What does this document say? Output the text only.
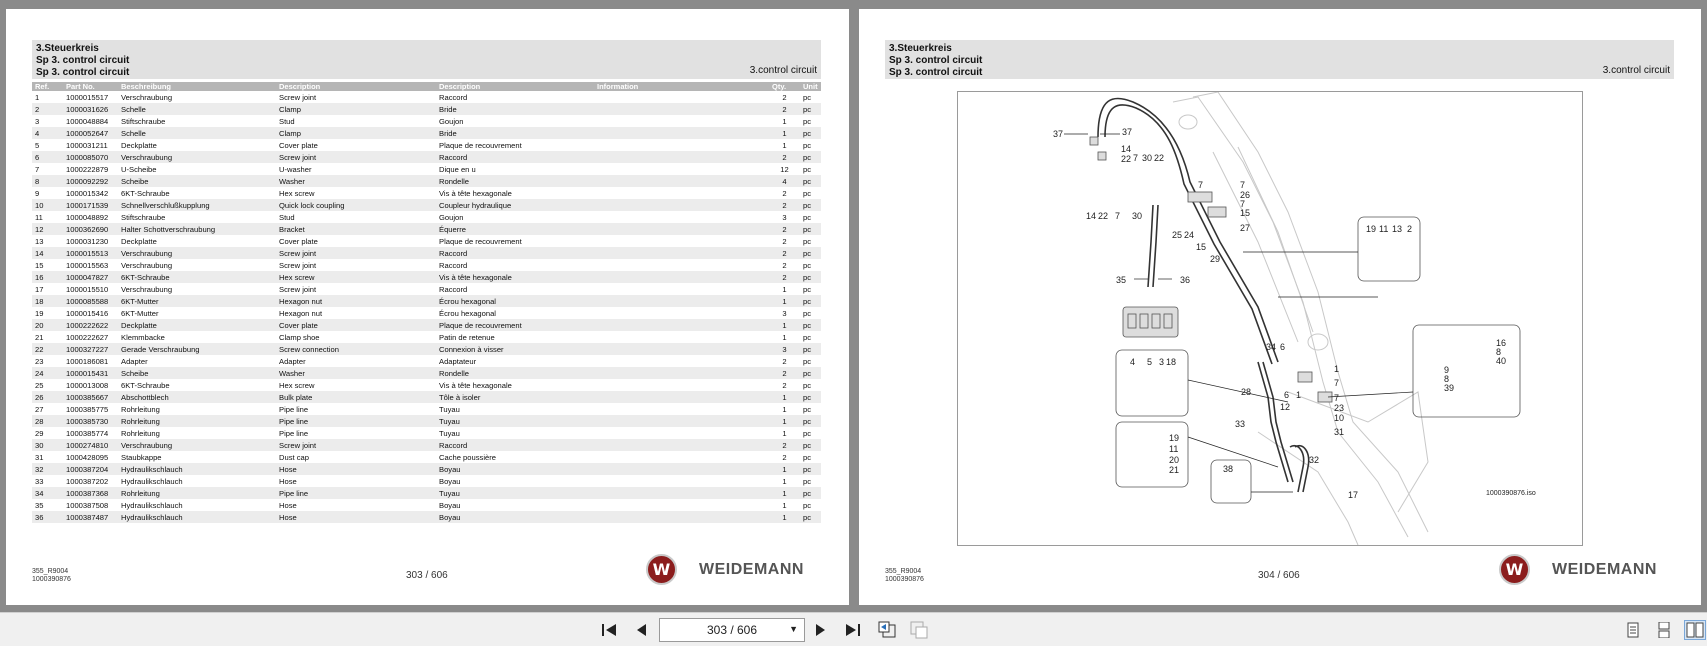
3.Steuerkreis
Sp 3. control circuit
Sp 3. control circuit	3.control circuit
Ref.	Part No.	Beschreibung	Description	Description	Information	Qty.	Unit
1	1000015517	Verschraubung	Screw joint	Raccord		2	pc
2	1000031626	Schelle	Clamp	Bride		2	pc
3	1000048884	Stiftschraube	Stud	Goujon		1	pc
4	1000052647	Schelle	Clamp	Bride		1	pc
5	1000031211	Deckplatte	Cover plate	Plaque de recouvrement		1	pc
6	1000085070	Verschraubung	Screw joint	Raccord		2	pc
7	1000222879	U-Scheibe	U-washer	Dique en u		12	pc
8	1000092292	Scheibe	Washer	Rondelle		4	pc
9	1000015342	6KT-Schraube	Hex screw	Vis à tête hexagonale		2	pc
10	1000171539	Schnellverschlußkupplung	Quick lock coupling	Coupleur hydraulique		2	pc
11	1000048892	Stiftschraube	Stud	Goujon		3	pc
12	1000362690	Halter Schottverschraubung	Bracket	Équerre		2	pc
13	1000031230	Deckplatte	Cover plate	Plaque de recouvrement		2	pc
14	1000015513	Verschraubung	Screw joint	Raccord		2	pc
15	1000015563	Verschraubung	Screw joint	Raccord		2	pc
16	1000047827	6KT-Schraube	Hex screw	Vis à tête hexagonale		2	pc
17	1000015510	Verschraubung	Screw joint	Raccord		1	pc
18	1000085588	6KT-Mutter	Hexagon nut	Écrou hexagonal		1	pc
19	1000015416	6KT-Mutter	Hexagon nut	Écrou hexagonal		3	pc
20	1000222622	Deckplatte	Cover plate	Plaque de recouvrement		1	pc
21	1000222627	Klemmbacke	Clamp shoe	Patin de retenue		1	pc
22	1000327227	Gerade Verschraubung	Screw connection	Connexion à visser		3	pc
23	1000186081	Adapter	Adapter	Adaptateur		2	pc
24	1000015431	Scheibe	Washer	Rondelle		2	pc
25	1000013008	6KT-Schraube	Hex screw	Vis à tête hexagonale		2	pc
26	1000385667	Abschottblech	Bulk plate	Tôle à isoler		1	pc
27	1000385775	Rohrleitung	Pipe line	Tuyau		1	pc
28	1000385730	Rohrleitung	Pipe line	Tuyau		1	pc
29	1000385774	Rohrleitung	Pipe line	Tuyau		1	pc
30	1000274810	Verschraubung	Screw joint	Raccord		2	pc
31	1000428095	Staubkappe	Dust cap	Cache poussière		2	pc
32	1000387204	Hydraulikschlauch	Hose	Boyau		1	pc
33	1000387202	Hydraulikschlauch	Hose	Boyau		1	pc
34	1000387368	Rohrleitung	Pipe line	Tuyau		1	pc
35	1000387508	Hydraulikschlauch	Hose	Boyau		1	pc
36	1000387487	Hydraulikschlauch	Hose	Boyau		1	pc
355_R9004
1000390876	303 / 606	W	WEIDEMANN
3.Steuerkreis
Sp 3. control circuit
Sp 3. control circuit	3.control circuit
37	37
14
22 7 30 22
14 22 7 30
7	7
26
7
15
27
25 24
15
29
19 11 13 2
35	36
34 6
1
7
6 1	7
12	23
10
31
28
33
32
17
4 5 3 18
19
11
20
21	38
16
8
40
9
8
39
1000390876.iso
355_R9004
1000390876	304 / 606	W	WEIDEMANN
303 / 606	▼
